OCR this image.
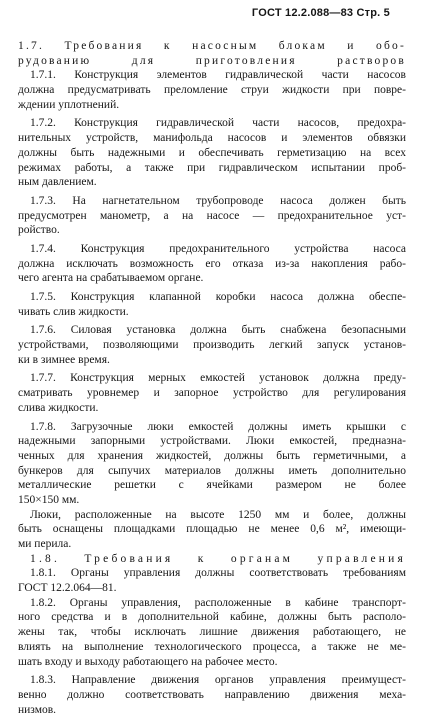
ГОСТ 12.2.088—83 Стр. 5
1.7. Требования к насосным блокам и обо-
рудованию для приготовления растворов
1.7.1. Конструкция элементов гидравлической части насосов
должна предусматривать преломление струи жидкости при повре-
ждении уплотнений.
1.7.2. Конструкция гидравлической части насосов, предохра-
нительных устройств, манифольда насосов и элементов обвязки
должны быть надежными и обеспечивать герметизацию на всех
режимах работы, а также при гидравлическом испытании проб-
ным давлением.
1.7.3. На нагнетательном трубопроводе насоса должен быть
предусмотрен манометр, а на насосе — предохранительное уст-
ройство.
1.7.4. Конструкция предохранительного устройства насоса
должна исключать возможность его отказа из-за накопления рабо-
чего агента на срабатываемом органе.
1.7.5. Конструкция клапанной коробки насоса должна обеспе-
чивать слив жидкости.
1.7.6. Силовая установка должна быть снабжена безопасными
устройствами, позволяющими производить легкий запуск установ-
ки в зимнее время.
1.7.7. Конструкция мерных емкостей установок должна преду-
сматривать уровнемер и запорное устройство для регулирования
слива жидкости.
1.7.8. Загрузочные люки емкостей должны иметь крышки с
надежными запорными устройствами. Люки емкостей, предназна-
ченных для хранения жидкостей, должны быть герметичными, а
бункеров для сыпучих материалов должны иметь дополнительно
металлические решетки с ячейками размером не более
150×150 мм.
Люки, расположенные на высоте 1250 мм и более, должны
быть оснащены площадками площадью не менее 0,6 м², имеющи-
ми перила.
1.8. Требования к органам управления
1.8.1. Органы управления должны соответствовать требованиям
ГОСТ 12.2.064—81.
1.8.2. Органы управления, расположенные в кабине транспорт-
ного средства и в дополнительной кабине, должны быть располо-
жены так, чтобы исключать лишние движения работающего, не
влиять на выполнение технологического процесса, а также не ме-
шать входу и выходу работающего на рабочее место.
1.8.3. Направление движения органов управления преимущест-
венно должно соответствовать направлению движения меха-
низмов.
